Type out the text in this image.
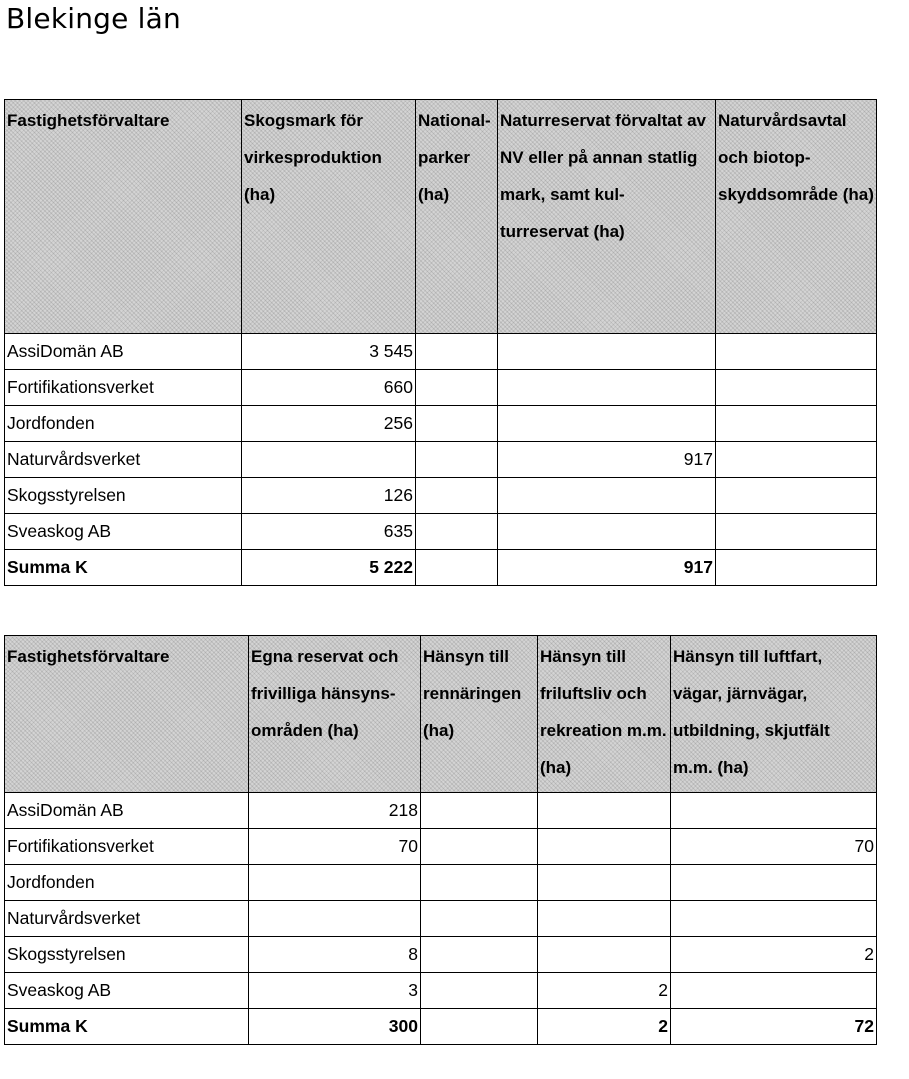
Blekinge län
Fastighetsförvaltare	Skogsmark för virkesproduktion (ha)	National-parker (ha)	Naturreservat förvaltat av NV eller på annan statlig mark, samt kul-turreservat (ha)	Naturvårdsavtal och biotop-skyddsområde (ha)
AssiDomän AB	3 545			
Fortifikationsverket	660			
Jordfonden	256			
Naturvårdsverket			917	
Skogsstyrelsen	126			
Sveaskog AB	635			
Summa K	5 222		917	
Fastighetsförvaltare	Egna reservat och frivilliga hänsyns-områden (ha)	Hänsyn till rennäringen (ha)	Hänsyn till friluftsliv och rekreation m.m. (ha)	Hänsyn till luftfart, vägar, järnvägar, utbildning, skjutfält m.m. (ha)
AssiDomän AB	218			
Fortifikationsverket	70			70
Jordfonden				
Naturvårdsverket				
Skogsstyrelsen	8			2
Sveaskog AB	3		2	
Summa K	300		2	72
